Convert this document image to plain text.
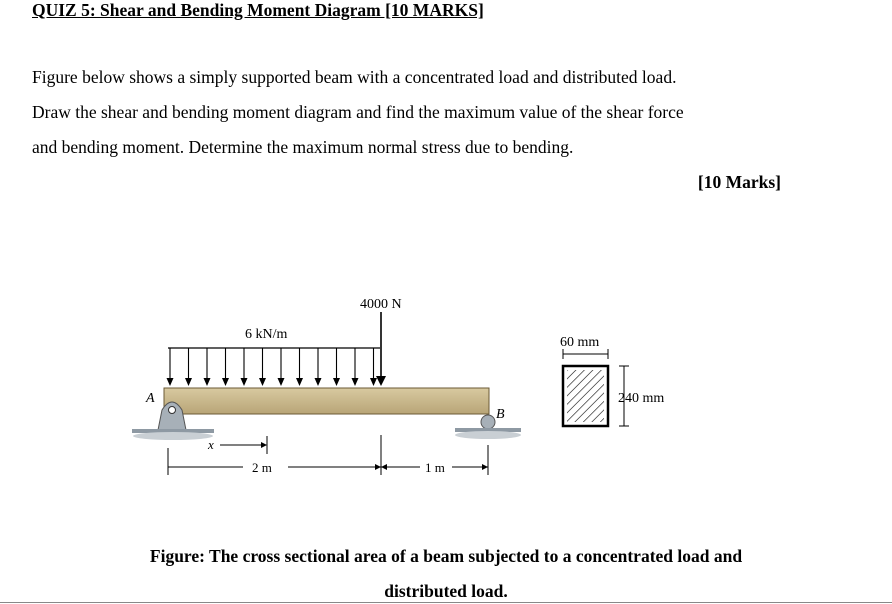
QUIZ 5: Shear and Bending Moment Diagram [10 MARKS]
Figure below shows a simply supported beam with a concentrated load and distributed load.
Draw the shear and bending moment diagram and find the maximum value of the shear force
and bending moment. Determine the maximum normal stress due to bending.
[10 Marks]
6 kN/m
4000 N
A
B
x
2 m	1 m
60 mm
240 mm
Figure: The cross sectional area of a beam subjected to a concentrated load and
distributed load.
